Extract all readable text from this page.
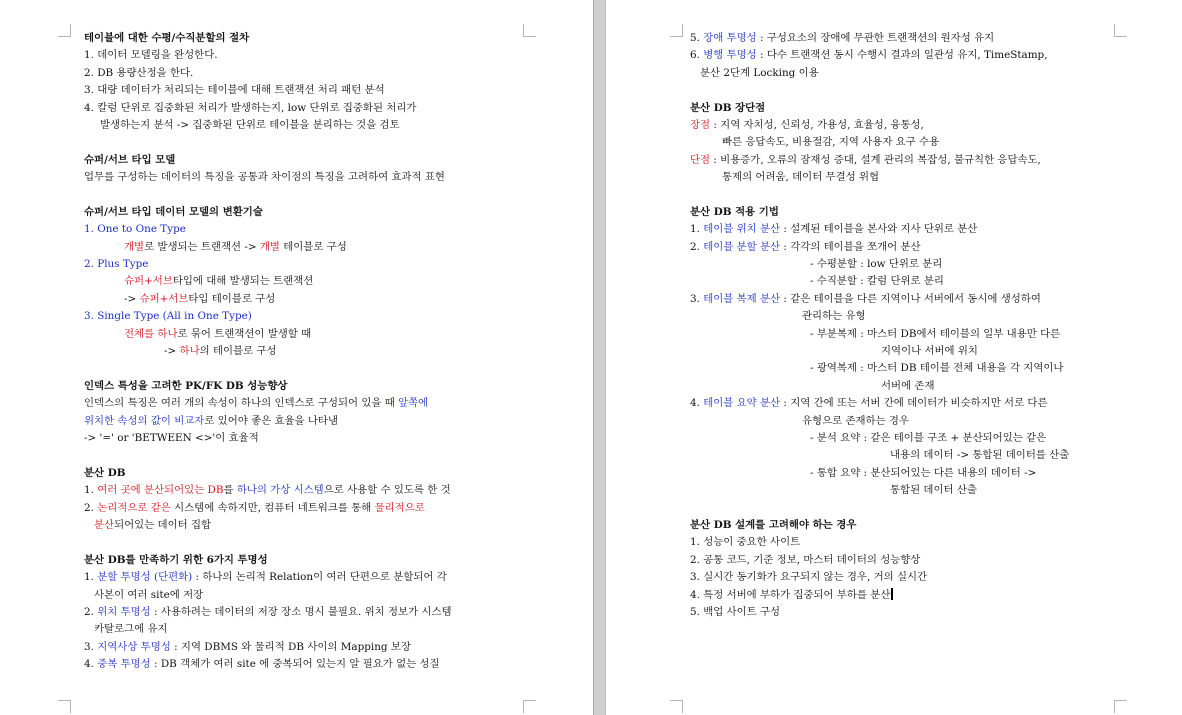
테이블에 대한 수평/수직분할의 절차
1. 데이터 모델링을 완성한다.
2. DB 용량산정을 한다.
3. 대량 데이터가 처리되는 테이블에 대해 트랜잭션 처리 패턴 분석
4. 칼럼 단위로 집중화된 처리가 발생하는지, low 단위로 집중화된 처리가
발생하는지 분석 -> 집중화된 단위로 테이블을 분리하는 것을 검토
슈퍼/서브 타입 모델
업무를 구성하는 데이터의 특징을 공통과 차이점의 특징을 고려하여 효과적 표현
슈퍼/서브 타입 데이터 모델의 변환기술
1. One to One Type
개별로 발생되는 트랜잭션 -> 개별 테이블로 구성
2. Plus Type
슈퍼+서브타입에 대해 발생되는 트랜잭션
-> 슈퍼+서브타입 테이블로 구성
3. Single Type (All in One Type)
전체를 하나로 묶어 트랜잭션이 발생할 때
-> 하나의 테이블로 구성
인덱스 특성을 고려한 PK/FK DB 성능향상
인덱스의 특징은 여러 개의 속성이 하나의 인덱스로 구성되어 있을 때 앞쪽에
위치한 속성의 값이 비교자로 있어야 좋은 효율을 나타냄
-> '=' or 'BETWEEN <>'이 효율적
분산 DB
1. 여러 곳에 분산되어있는 DB를 하나의 가상 시스템으로 사용할 수 있도록 한 것
2. 논리적으로 같은 시스템에 속하지만, 컴퓨터 네트워크를 통해 물리적으로
분산되어있는 데이터 집합
분산 DB를 만족하기 위한 6가지 투명성
1. 분할 투명성 (단편화) : 하나의 논리적 Relation이 여러 단편으로 분할되어 각
사본이 여러 site에 저장
2. 위치 투명성 : 사용하려는 데이터의 저장 장소 명시 불필요. 위치 정보가 시스템
카탈로그에 유지
3. 지역사상 투명성 : 지역 DBMS 와 물리적 DB 사이의 Mapping 보장
4. 중복 투명성 : DB 객체가 여러 site 에 중복되어 있는지 알 필요가 없는 성질
5. 장애 투명성 : 구성요소의 장애에 무관한 트랜잭션의 원자성 유지
6. 병행 투명성 : 다수 트랜잭션 동시 수행시 결과의 일관성 유지, TimeStamp,
분산 2단계 Locking 이용
분산 DB 장단점
장점 : 지역 자치성, 신뢰성, 가용성, 효율성, 융통성,
빠른 응답속도, 비용절감, 지역 사용자 요구 수용
단점 : 비용증가, 오류의 잠재성 증대, 설계 관리의 복잡성, 불규칙한 응답속도,
통제의 어려움, 데이터 무결성 위협
분산 DB 적용 기법
1. 테이블 위치 분산 : 설계된 테이블을 본사와 지사 단위로 분산
2. 테이블 분할 분산 : 각각의 테이블을 쪼개어 분산
- 수평분할 : low 단위로 분리
- 수직분할 : 칼럼 단위로 분리
3. 테이블 복제 분산 : 같은 테이블을 다른 지역이나 서버에서 동시에 생성하여
관리하는 유형
- 부분복제 : 마스터 DB에서 테이블의 일부 내용만 다른
지역이나 서버에 위치
- 광역복제 : 마스터 DB 테이블 전체 내용을 각 지역이나
서버에 존재
4. 테이블 요약 분산 : 지역 간에 또는 서버 간에 데이터가 비슷하지만 서로 다른
유형으로 존재하는 경우
- 분석 요약 : 같은 테이블 구조 + 분산되어있는 같은
내용의 데이터 -> 통합된 데이터를 산출
- 통합 요약 : 분산되어있는 다른 내용의 데이터 ->
통합된 데이터 산출
분산 DB 설계를 고려해야 하는 경우
1. 성능이 중요한 사이트
2. 공통 코드, 기준 정보, 마스터 데이터의 성능향상
3. 실시간 동기화가 요구되지 않는 경우, 거의 실시간
4. 특정 서버에 부하가 집중되어 부하를 분산
5. 백업 사이트 구성
